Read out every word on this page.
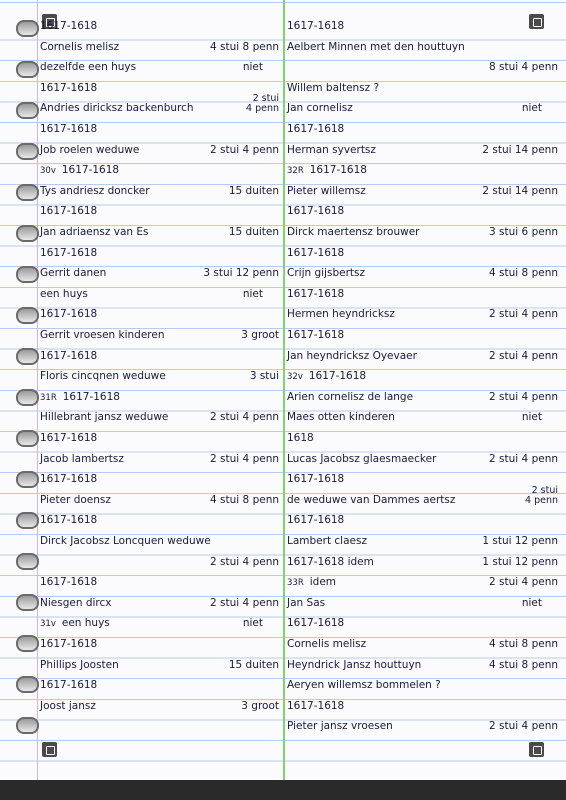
1617-1618
Cornelis melisz	4 stui 8 penn
dezelfde een huys	niet
1617-1618
Andries diricksz backenburch
2 stui
4 penn
1617-1618
Job roelen weduwe	2 stui 4 penn
30v 1617-1618
Tys andriesz doncker	15 duiten
1617-1618
Jan adriaensz van Es	15 duiten
1617-1618
Gerrit danen	3 stui 12 penn
een huys	niet
1617-1618
Gerrit vroesen kinderen	3 groot
1617-1618
Floris cincqnen weduwe	3 stui
31R 1617-1618
Hillebrant jansz weduwe	2 stui 4 penn
1617-1618
Jacob lambertsz	2 stui 4 penn
1617-1618
Pieter doensz	4 stui 8 penn
1617-1618
Dirck Jacobsz Loncquen weduwe
2 stui 4 penn
1617-1618
Niesgen dircx	2 stui 4 penn
31v een huys	niet
1617-1618
Phillips Joosten	15 duiten
1617-1618
Joost jansz	3 groot
1617-1618
Aelbert Minnen met den houttuyn
8 stui 4 penn
Willem baltensz ?
Jan cornelisz	niet
1617-1618
Herman syvertsz	2 stui 14 penn
32R 1617-1618
Pieter willemsz	2 stui 14 penn
1617-1618
Dirck maertensz brouwer	3 stui 6 penn
1617-1618
Crijn gijsbertsz	4 stui 8 penn
1617-1618
Hermen heyndricksz	2 stui 4 penn
1617-1618
Jan heyndricksz Oyevaer	2 stui 4 penn
32v 1617-1618
Arien cornelisz de lange	2 stui 4 penn
Maes otten kinderen	niet
1618
Lucas Jacobsz glaesmaecker	2 stui 4 penn
1617-1618
de weduwe van Dammes aertsz
2 stui
4 penn
1617-1618
Lambert claesz	1 stui 12 penn
1617-1618 idem	1 stui 12 penn
33R idem	2 stui 4 penn
Jan Sas	niet
1617-1618
Cornelis melisz	4 stui 8 penn
Heyndrick Jansz houttuyn	4 stui 8 penn
Aeryen willemsz bommelen ?
1617-1618
Pieter jansz vroesen	2 stui 4 penn
